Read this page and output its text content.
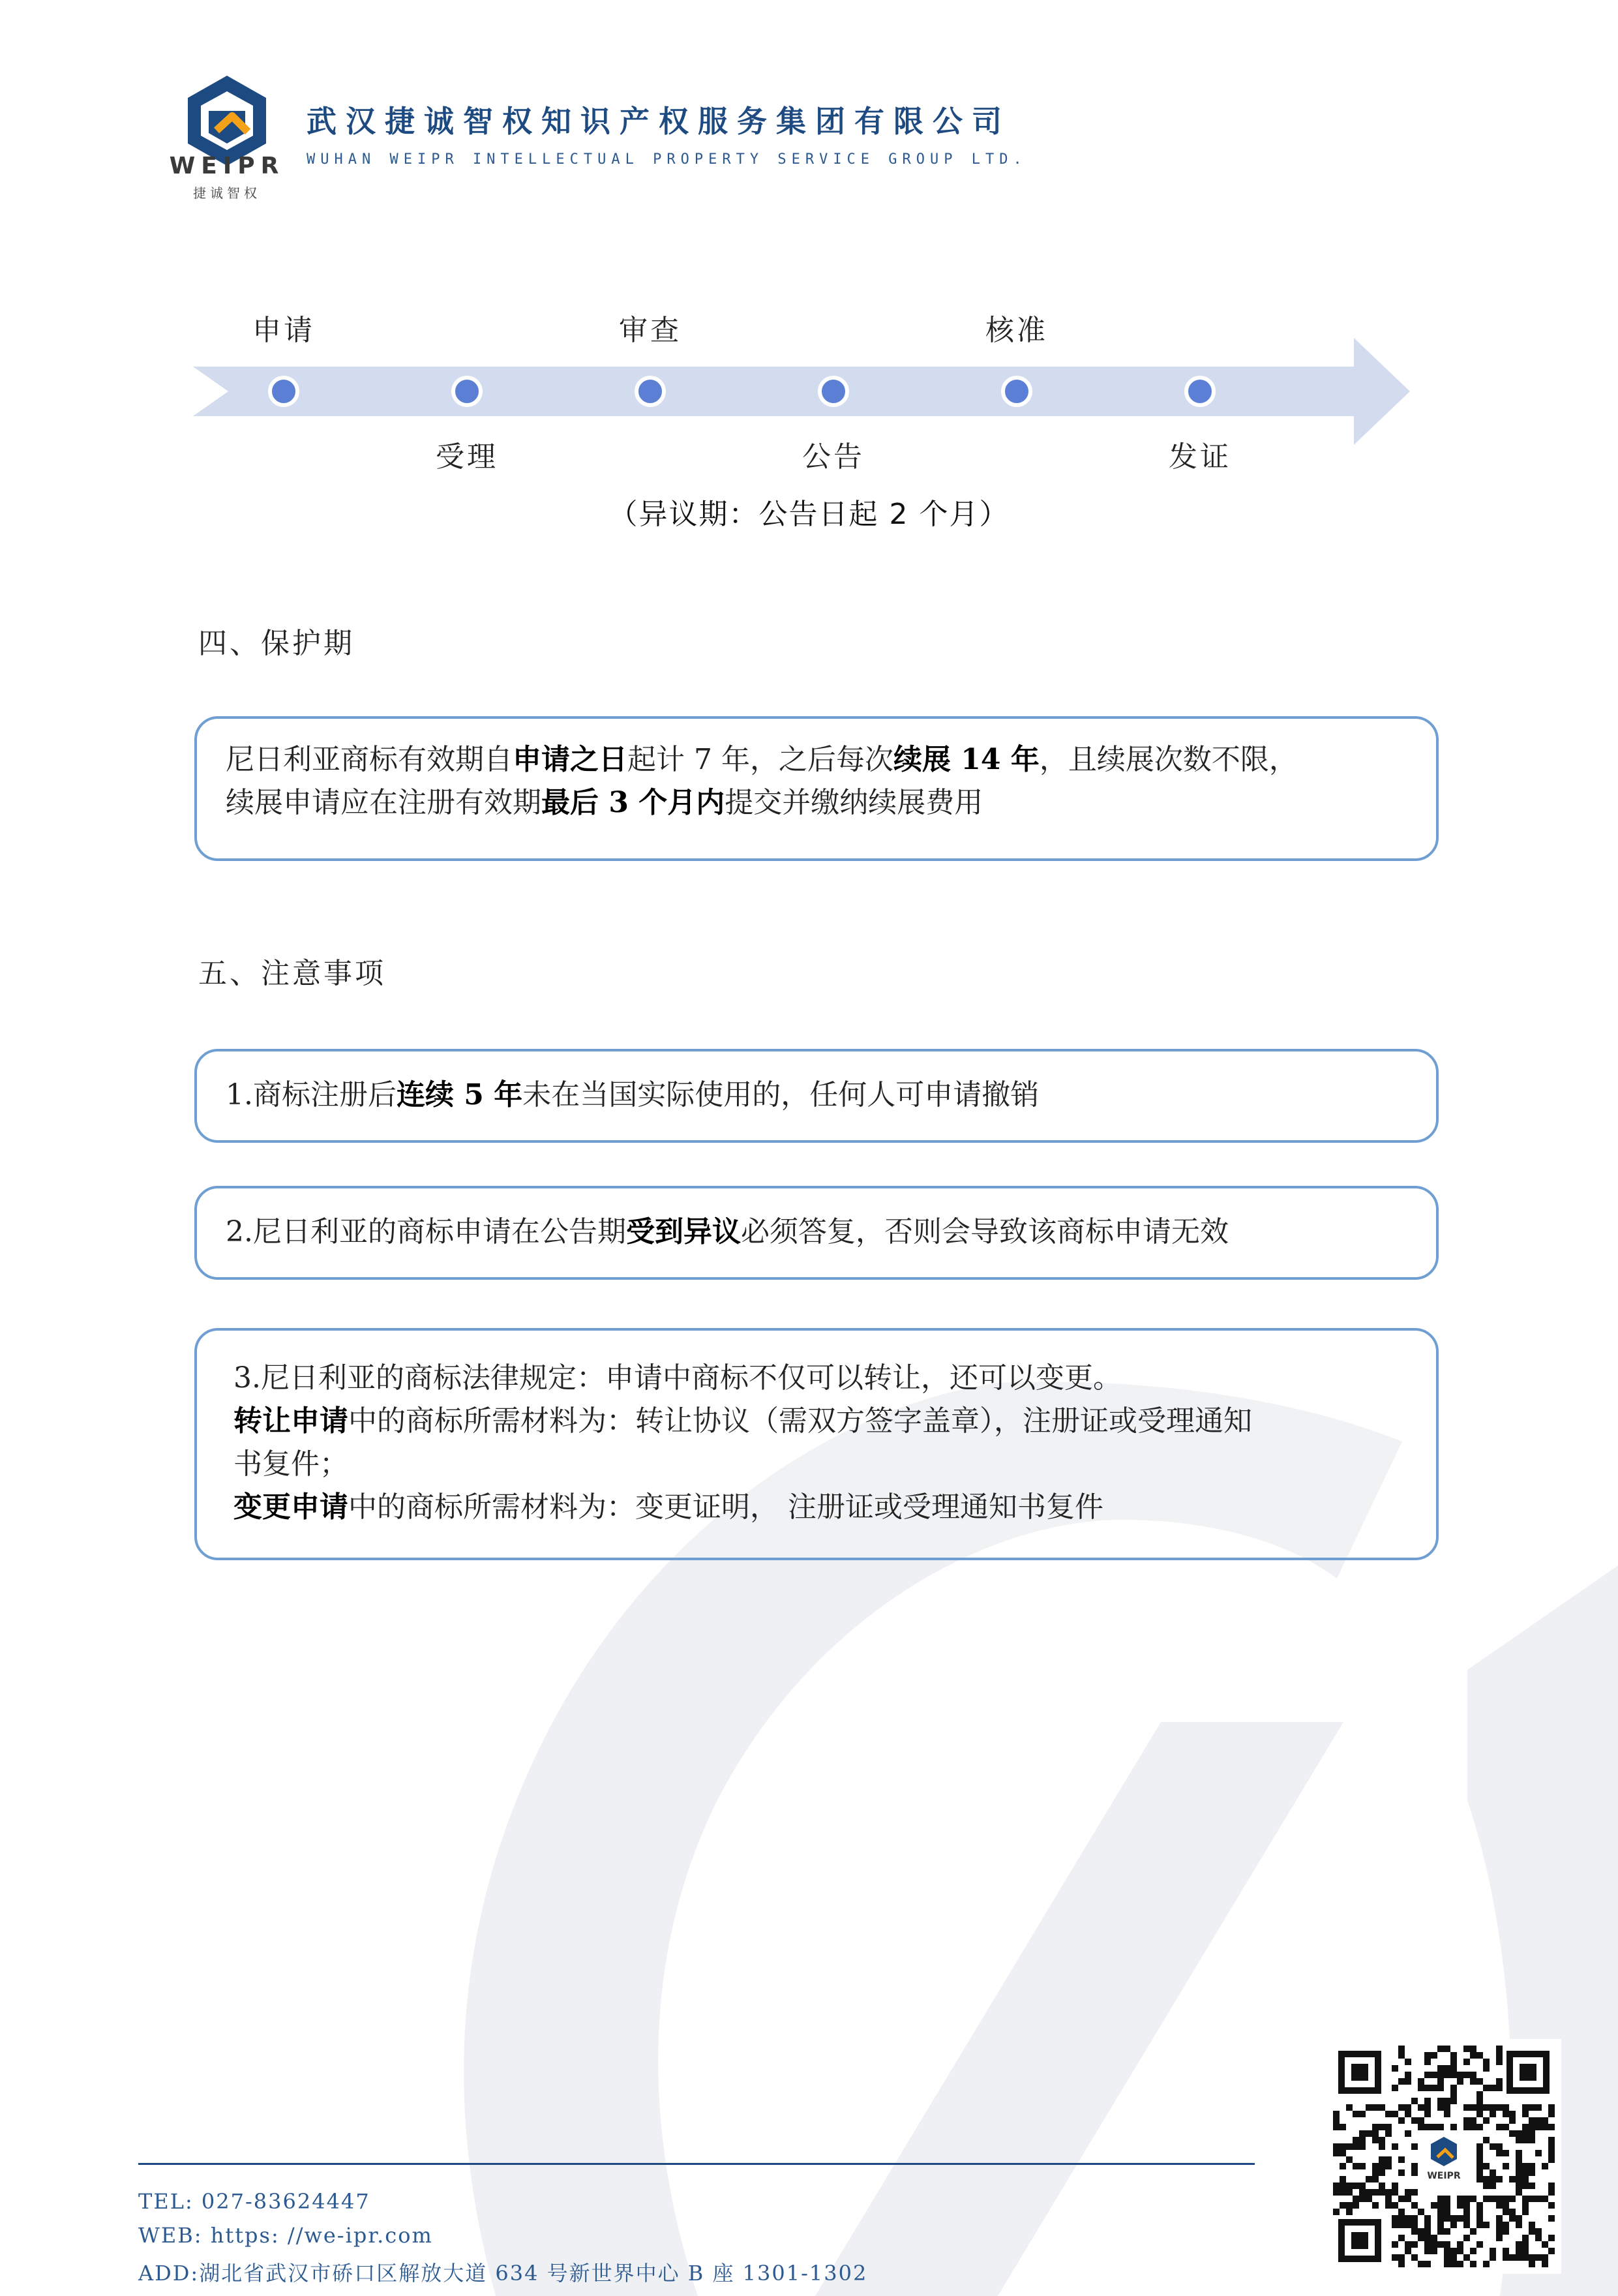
WEIPR
捷诚智权
武汉捷诚智权知识产权服务集团有限公司
WUHAN WEIPR INTELLECTUAL PROPERTY SERVICE GROUP LTD.
申请	审查	核准
受理	公告	发证
（异议期：公告日起 2 个月）
四、保护期
尼日利亚商标有效期自申请之日起计 7 年，之后每次续展 14 年，且续展次数不限，
续展申请应在注册有效期最后 3 个月内提交并缴纳续展费用
五、注意事项
1.商标注册后连续 5 年未在当国实际使用的，任何人可申请撤销
2.尼日利亚的商标申请在公告期受到异议必须答复，否则会导致该商标申请无效
3.尼日利亚的商标法律规定：申请中商标不仅可以转让，还可以变更。
转让申请中的商标所需材料为：转让协议（需双方签字盖章），注册证或受理通知
书复件；
变更申请中的商标所需材料为：变更证明， 注册证或受理通知书复件
TEL: 027-83624447
WEB: https: //we-ipr.com
ADD:湖北省武汉市硚口区解放大道 634 号新世界中心 B 座 1301-1302
WEIPR
